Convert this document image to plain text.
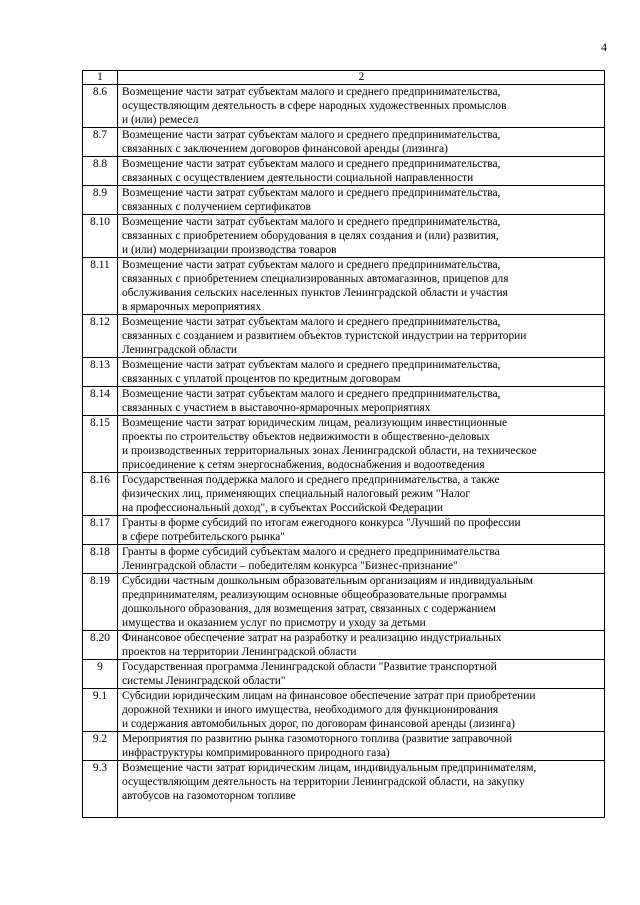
4
1	2
8.6	Возмещение части затрат субъектам малого и среднего предпринимательства,
осуществляющим деятельность в сфере народных художественных промыслов
и (или) ремесел

8.7	Возмещение части затрат субъектам малого и среднего предпринимательства,
связанных с заключением договоров финансовой аренды (лизинга)

8.8	Возмещение части затрат субъектам малого и среднего предпринимательства,
связанных с осуществлением деятельности социальной направленности

8.9	Возмещение части затрат субъектам малого и среднего предпринимательства,
связанных с получением сертификатов

8.10	Возмещение части затрат субъектам малого и среднего предпринимательства,
связанных с приобретением оборудования в целях создания и (или) развития,
и (или) модернизации производства товаров

8.11	Возмещение части затрат субъектам малого и среднего предпринимательства,
связанных с приобретением специализированных автомагазинов, прицепов для
обслуживания сельских населенных пунктов Ленинградской области и участия
в ярмарочных мероприятиях

8.12	Возмещение части затрат субъектам малого и среднего предпринимательства,
связанных с созданием и развитием объектов туристской индустрии на территории
Ленинградской области

8.13	Возмещение части затрат субъектам малого и среднего предпринимательства,
связанных с уплатой процентов по кредитным договорам

8.14	Возмещение части затрат субъектам малого и среднего предпринимательства,
связанных с участием в выставочно-ярмарочных мероприятиях

8.15	Возмещение части затрат юридическим лицам, реализующим инвестиционные
проекты по строительству объектов недвижимости в общественно-деловых
и производственных территориальных зонах Ленинградской области, на техническое
присоединение к сетям энергоснабжения, водоснабжения и водоотведения

8.16	Государственная поддержка малого и среднего предпринимательства, а также
физических лиц, применяющих специальный налоговый режим "Налог
на профессиональный доход", в субъектах Российской Федерации

8.17	Гранты в форме субсидий по итогам ежегодного конкурса "Лучший по профессии
в сфере потребительского рынка"

8.18	Гранты в форме субсидий субъектам малого и среднего предпринимательства
Ленинградской области – победителям конкурса "Бизнес-признание"

8.19	Субсидии частным дошкольным образовательным организациям и индивидуальным
предпринимателям, реализующим основные общеобразовательные программы
дошкольного образования, для возмещения затрат, связанных с содержанием
имущества и оказанием услуг по присмотру и уходу за детьми

8.20	Финансовое обеспечение затрат на разработку и реализацию индустриальных
проектов на территории Ленинградской области

9	Государственная программа Ленинградской области "Развитие транспортной
системы Ленинградской области"

9.1	Субсидии юридическим лицам на финансовое обеспечение затрат при приобретении
дорожной техники и иного имущества, необходимого для функционирования
и содержания автомобильных дорог, по договорам финансовой аренды (лизинга)

9.2	Мероприятия по развитию рынка газомоторного топлива (развитие заправочной
инфраструктуры компримированного природного газа)

9.3	Возмещение части затрат юридическим лицам, индивидуальным предпринимателям,
осуществляющим деятельность на территории Ленинградской области, на закупку
автобусов на газомоторном топливе
